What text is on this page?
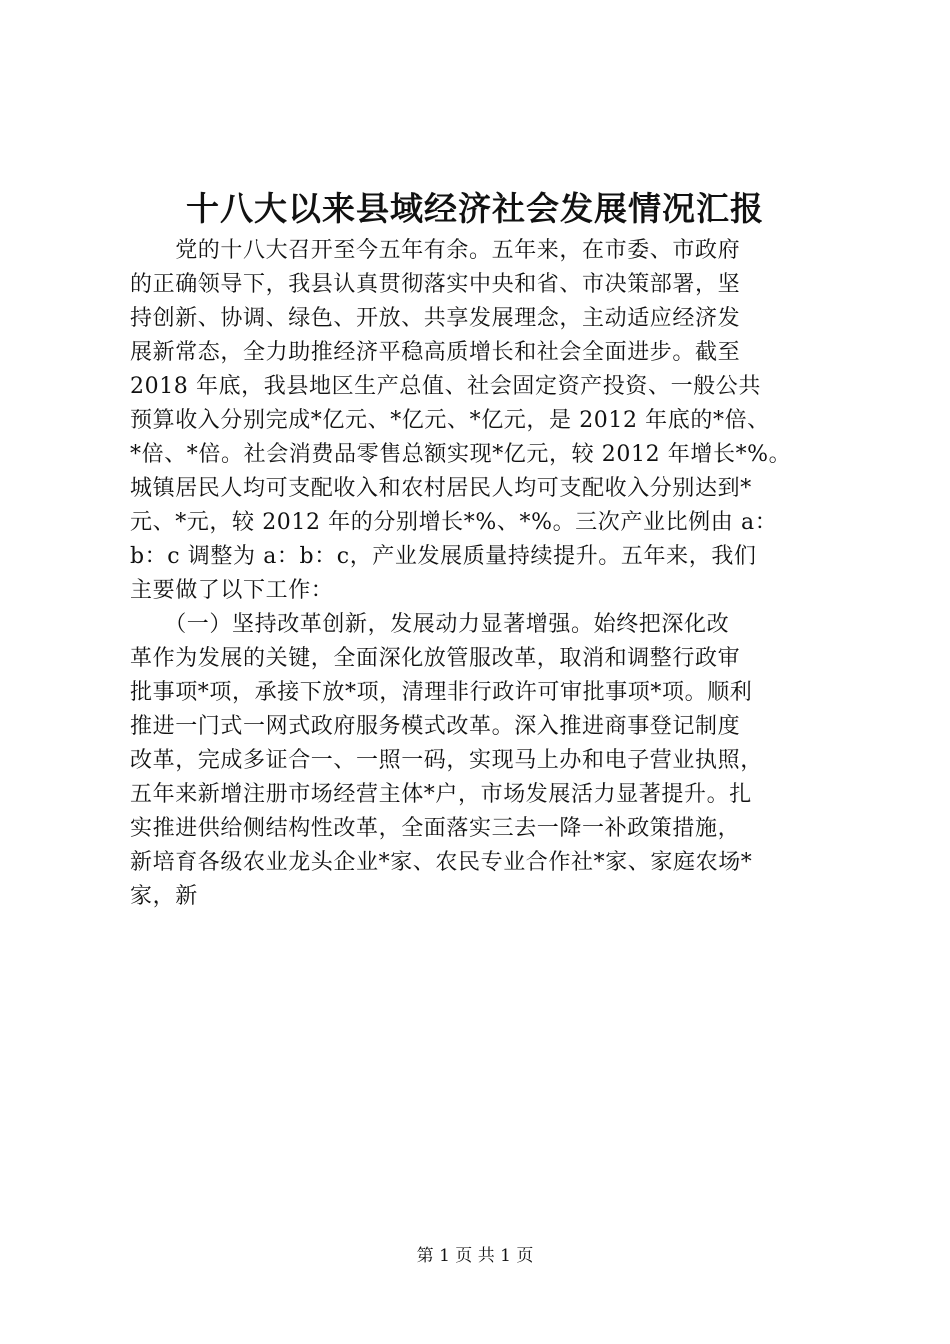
十八大以来县域经济社会发展情况汇报
　　党的十八大召开至今五年有余。五年来，在市委、市政府
的正确领导下，我县认真贯彻落实中央和省、市决策部署，坚
持创新、协调、绿色、开放、共享发展理念，主动适应经济发
展新常态，全力助推经济平稳高质增长和社会全面进步。截至
2018 年底，我县地区生产总值、社会固定资产投资、一般公共
预算收入分别完成*亿元、*亿元、*亿元，是 2012 年底的*倍、
*倍、*倍。社会消费品零售总额实现*亿元，较 2012 年增长*%。
城镇居民人均可支配收入和农村居民人均可支配收入分别达到*
元、*元，较 2012 年的分别增长*%、*%。三次产业比例由 a：
b：c 调整为 a：b：c，产业发展质量持续提升。五年来，我们
主要做了以下工作：
　　（一）坚持改革创新，发展动力显著增强。始终把深化改
革作为发展的关键，全面深化放管服改革，取消和调整行政审
批事项*项，承接下放*项，清理非行政许可审批事项*项。顺利
推进一门式一网式政府服务模式改革。深入推进商事登记制度
改革，完成多证合一、一照一码，实现马上办和电子营业执照，
五年来新增注册市场经营主体*户，市场发展活力显著提升。扎
实推进供给侧结构性改革，全面落实三去一降一补政策措施，
新培育各级农业龙头企业*家、农民专业合作社*家、家庭农场*
家，新
第 1 页 共 1 页
